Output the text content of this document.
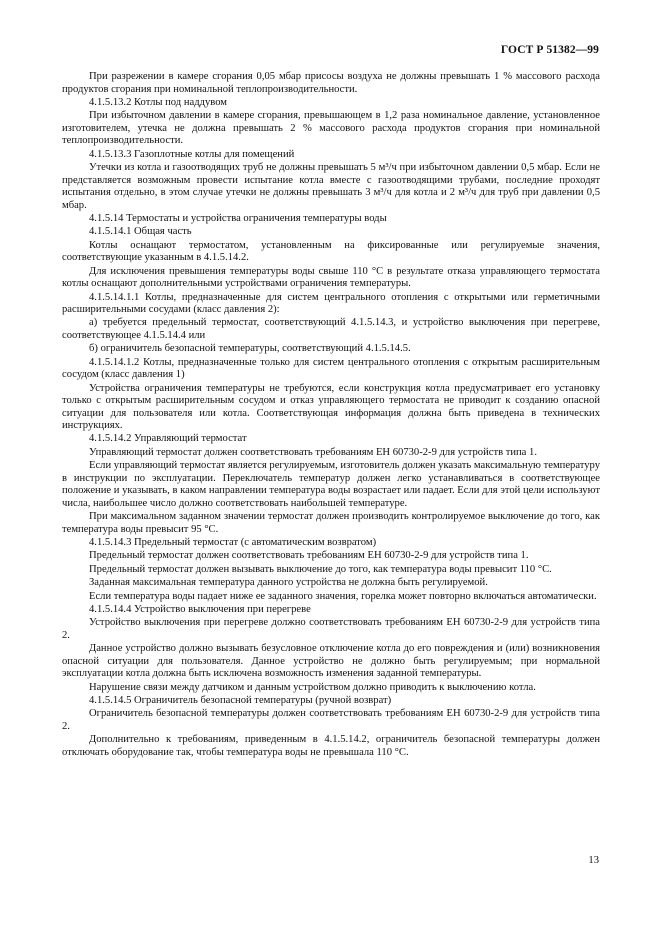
ГОСТ Р 51382—99

При разрежении в камере сгорания 0,05 мбар присосы воздуха не должны превышать 1 % массового расхода продуктов сгорания при номинальной теплопроизводительности.

4.1.5.13.2 Котлы под наддувом

При избыточном давлении в камере сгорания, превышающем в 1,2 раза номинальное давление, установленное изготовителем, утечка не должна превышать 2 % массового расхода продуктов сгорания при номинальной теплопроизводительности.

4.1.5.13.3 Газоплотные котлы для помещений

Утечки из котла и газоотводящих труб не должны превышать 5 м³/ч при избыточном давлении 0,5 мбар. Если не представляется возможным провести испытание котла вместе с газоотводящими трубами, последние проходят испытания отдельно, в этом случае утечки не должны превышать 3 м³/ч для котла и 2 м³/ч для труб при давлении 0,5 мбар.

4.1.5.14 Термостаты и устройства ограничения температуры воды

4.1.5.14.1 Общая часть

Котлы оснащают термостатом, установленным на фиксированные или регулируемые значения, соответствующие указанным в 4.1.5.14.2.

Для исключения превышения температуры воды свыше 110 °С в результате отказа управляющего термостата котлы оснащают дополнительными устройствами ограничения температуры.

4.1.5.14.1.1 Котлы, предназначенные для систем центрального отопления с открытыми или герметичными расширительными сосудами (класс давления 2):

а) требуется предельный термостат, соответствующий 4.1.5.14.3, и устройство выключения при перегреве, соответствующее 4.1.5.14.4 или

б) ограничитель безопасной температуры, соответствующий 4.1.5.14.5.

4.1.5.14.1.2 Котлы, предназначенные только для систем центрального отопления с открытым расширительным сосудом (класс давления 1)

Устройства ограничения температуры не требуются, если конструкция котла предусматривает его установку только с открытым расширительным сосудом и отказ управляющего термостата не приводит к созданию опасной ситуации для пользователя или котла. Соответствующая информация должна быть приведена в технических инструкциях.

4.1.5.14.2 Управляющий термостат

Управляющий термостат должен соответствовать требованиям ЕН 60730-2-9 для устройств типа 1.

Если управляющий термостат является регулируемым, изготовитель должен указать максимальную температуру в инструкции по эксплуатации. Переключатель температур должен легко устанавливаться в соответствующее положение и указывать, в каком направлении температура воды возрастает или падает. Если для этой цели используют числа, наибольшее число должно соответствовать наибольшей температуре.

При максимальном заданном значении термостат должен производить контролируемое выключение до того, как температура воды превысит 95 °С.

4.1.5.14.3 Предельный термостат (с автоматическим возвратом)

Предельный термостат должен соответствовать требованиям ЕН 60730-2-9 для устройств типа 1.

Предельный термостат должен вызывать выключение до того, как температура воды превысит 110 °С.

Заданная максимальная температура данного устройства не должна быть регулируемой.

Если температура воды падает ниже ее заданного значения, горелка может повторно включаться автоматически.

4.1.5.14.4 Устройство выключения при перегреве

Устройство выключения при перегреве должно соответствовать требованиям ЕН 60730-2-9 для устройств типа 2.

Данное устройство должно вызывать безусловное отключение котла до его повреждения и (или) возникновения опасной ситуации для пользователя. Данное устройство не должно быть регулируемым; при нормальной эксплуатации котла должна быть исключена возможность изменения заданной температуры.

Нарушение связи между датчиком и данным устройством должно приводить к выключению котла.

4.1.5.14.5 Ограничитель безопасной температуры (ручной возврат)

Ограничитель безопасной температуры должен соответствовать требованиям ЕН 60730-2-9 для устройств типа 2.

Дополнительно к требованиям, приведенным в 4.1.5.14.2, ограничитель безопасной температуры должен отключать оборудование так, чтобы температура воды не превышала 110 °С.

13
